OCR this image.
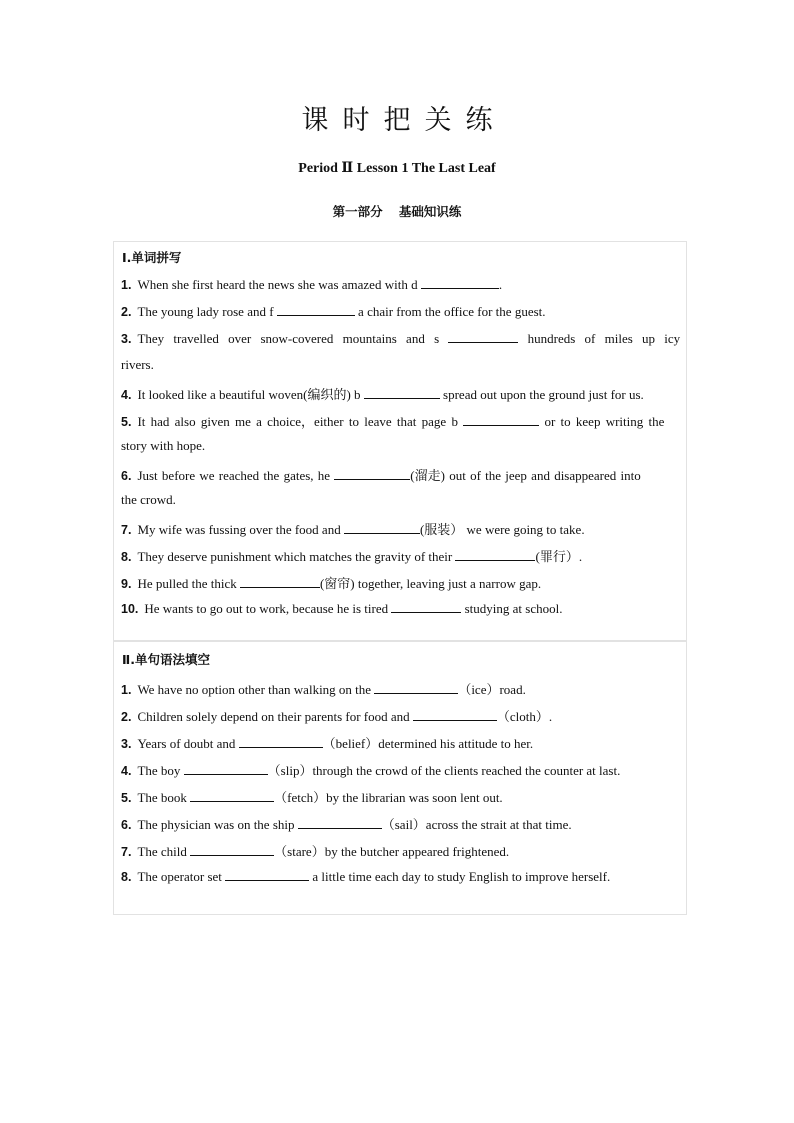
课时把关练
Period Ⅱ Lesson 1 The Last Leaf
第一部分 基础知识练
Ⅰ.单词拼写
1. When she first heard the news she was amazed with d	.
2. The young lady rose and f	a chair from the office for the guest.
3. They travelled over snow-covered mountains and s	hundreds of miles up icy
rivers.
4. It looked like a beautiful woven(编织的) b	spread out upon the ground just for us.
5. It had also given me a choice，either to leave that page b	or to keep writing the
story with hope.
6. Just before we reached the gates, he	(溜走) out of the jeep and disappeared into
the crowd.
7. My wife was fussing over the food and	(服装） we were going to take.
8. They deserve punishment which matches the gravity of their	(罪行）.
9. He pulled the thick	(窗帘) together, leaving just a narrow gap.
10. He wants to go out to work, because he is tired	studying at school.
Ⅱ.单句语法填空
1. We have no option other than walking on the	（ice）road.
2. Children solely depend on their parents for food and	（cloth）.
3. Years of doubt and	（belief）determined his attitude to her.
4. The boy	（slip）through the crowd of the clients reached the counter at last.
5. The book	（fetch）by the librarian was soon lent out.
6. The physician was on the ship	（sail）across the strait at that time.
7. The child	（stare）by the butcher appeared frightened.
8. The operator set	a little time each day to study English to improve herself.
